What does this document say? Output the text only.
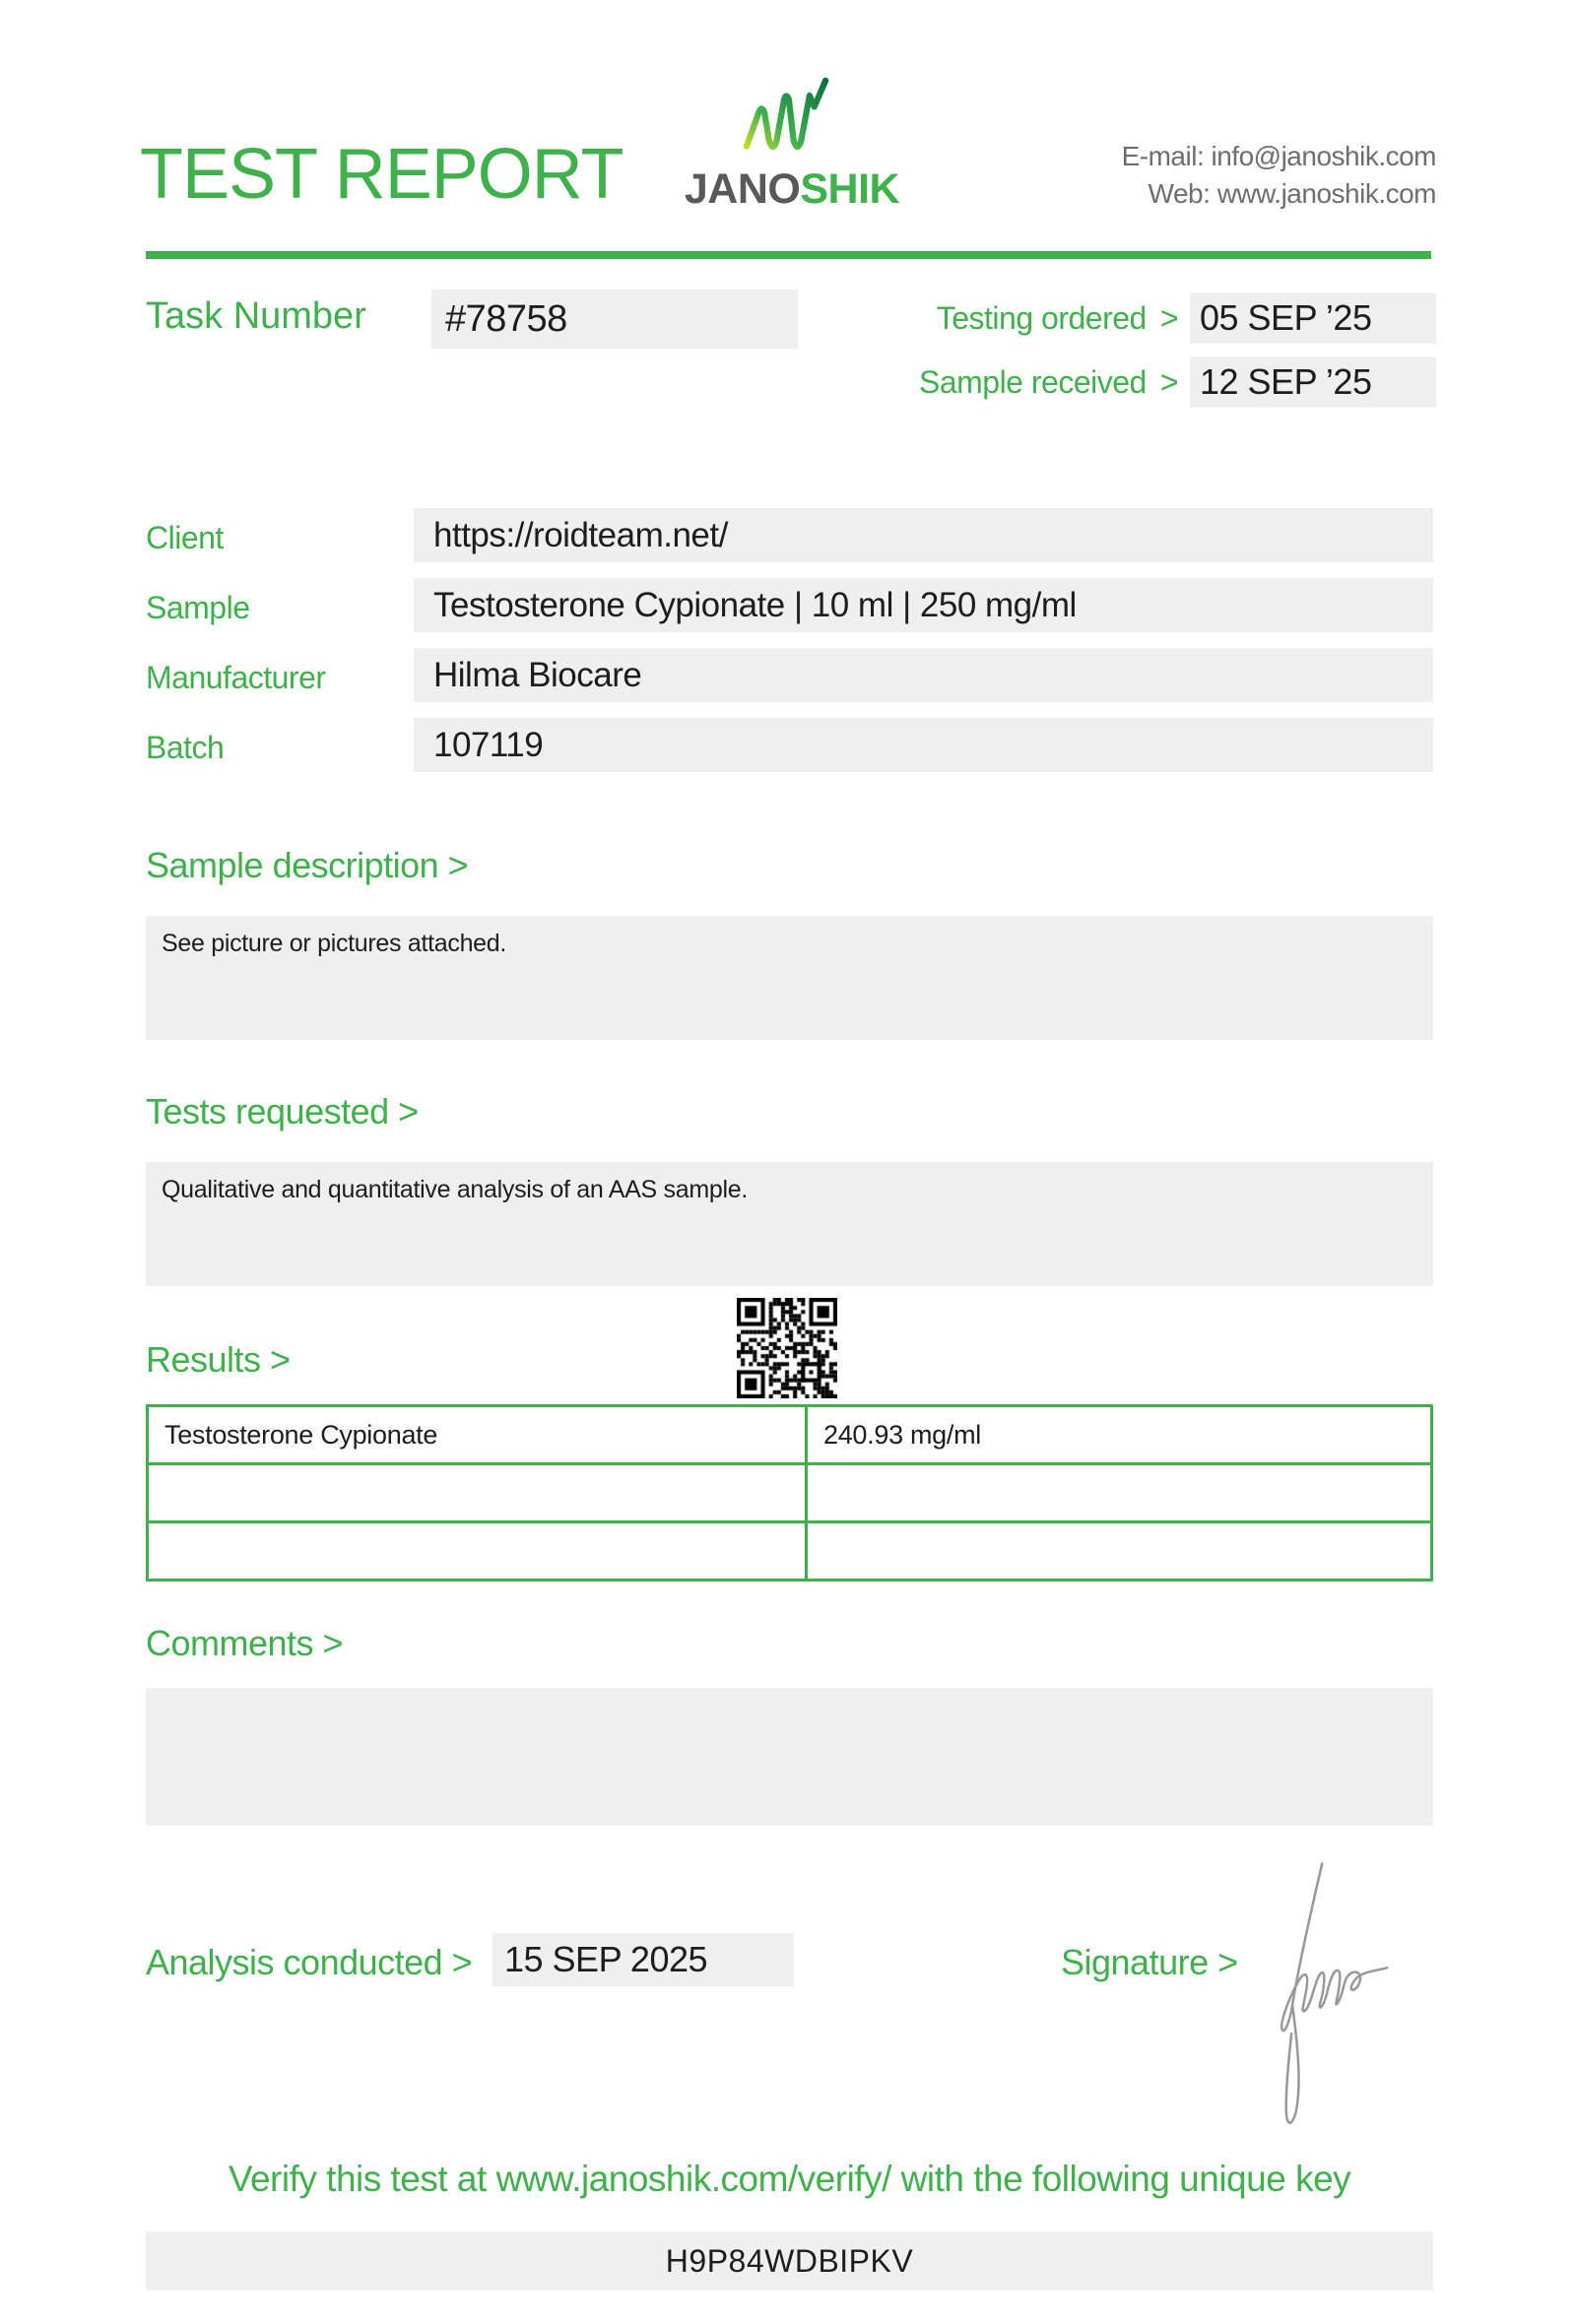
TEST REPORT JANOSHIK
E-mail: info@janoshik.com
Web: www.janoshik.com
Task Number	#78758	Testing ordered > 05 SEP ’25
Sample received > 12 SEP ’25
Client	https://roidteam.net/
Sample	Testosterone Cypionate | 10 ml | 250 mg/ml
Manufacturer	Hilma Biocare
Batch	107119
Sample description >
See picture or pictures attached.
Tests requested >
Qualitative and quantitative analysis of an AAS sample.
Results >
Testosterone Cypionate	240.93 mg/ml

Comments >
Analysis conducted > 15 SEP 2025	Signature >
Verify this test at www.janoshik.com/verify/ with the following unique key
H9P84WDBIPKV
